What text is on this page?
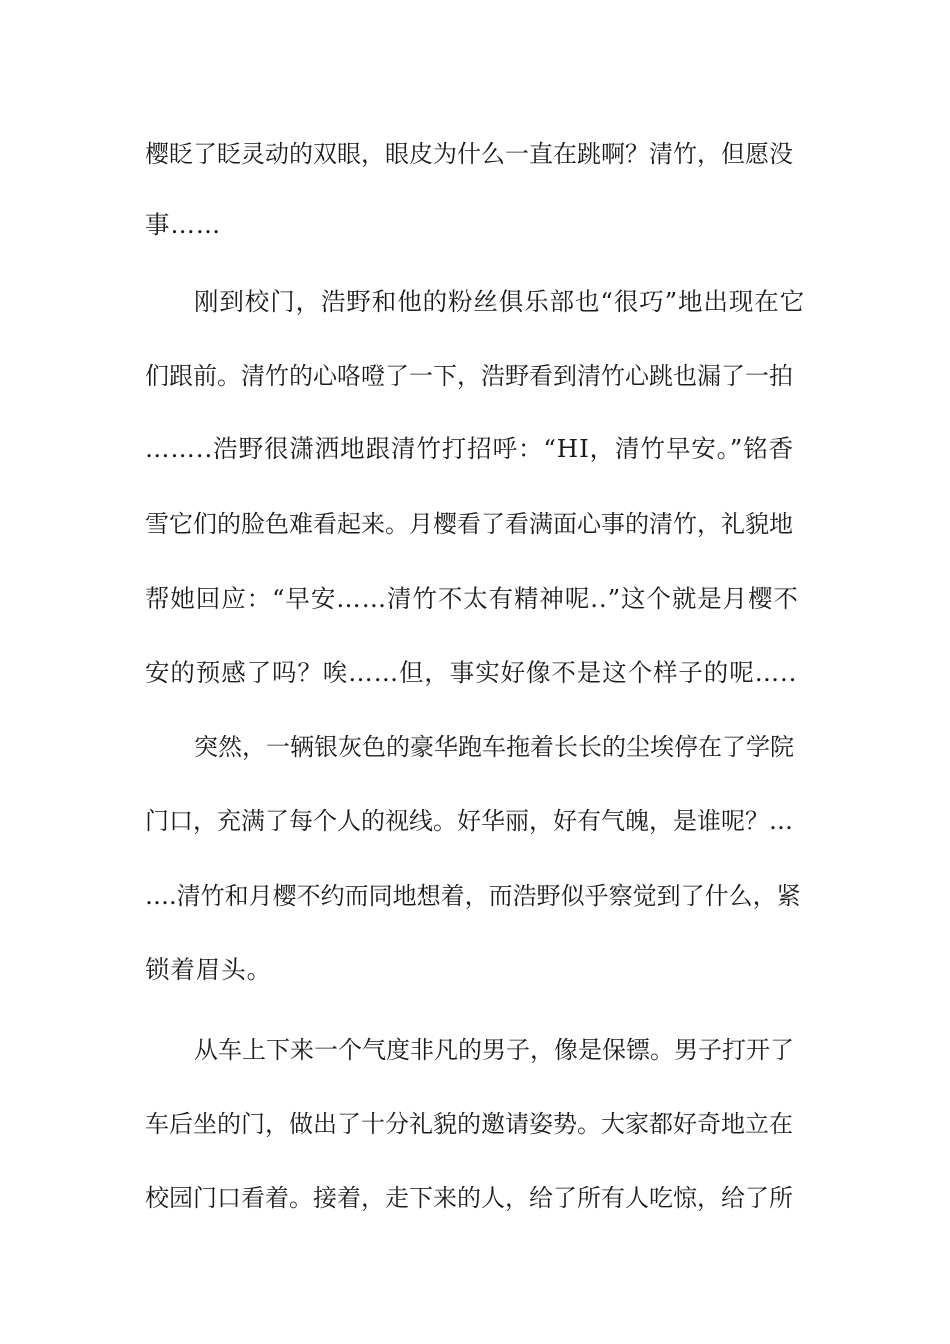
樱眨了眨灵动的双眼，眼皮为什么一直在跳啊？清竹，但愿没
事……
刚到校门，浩野和他的粉丝俱乐部也“很巧”地出现在它
们跟前。清竹的心咯噔了一下，浩野看到清竹心跳也漏了一拍
……..浩野很潇洒地跟清竹打招呼：“HI，清竹早安。”铭香
雪它们的脸色难看起来。月樱看了看满面心事的清竹，礼貌地
帮她回应：“早安……清竹不太有精神呢..”这个就是月樱不
安的预感了吗？唉……但，事实好像不是这个样子的呢…..
突然，一辆银灰色的豪华跑车拖着长长的尘埃停在了学院
门口，充满了每个人的视线。好华丽，好有气魄，是谁呢？…
….清竹和月樱不约而同地想着，而浩野似乎察觉到了什么，紧
锁着眉头。
从车上下来一个气度非凡的男子，像是保镖。男子打开了
车后坐的门，做出了十分礼貌的邀请姿势。大家都好奇地立在
校园门口看着。接着，走下来的人，给了所有人吃惊，给了所
